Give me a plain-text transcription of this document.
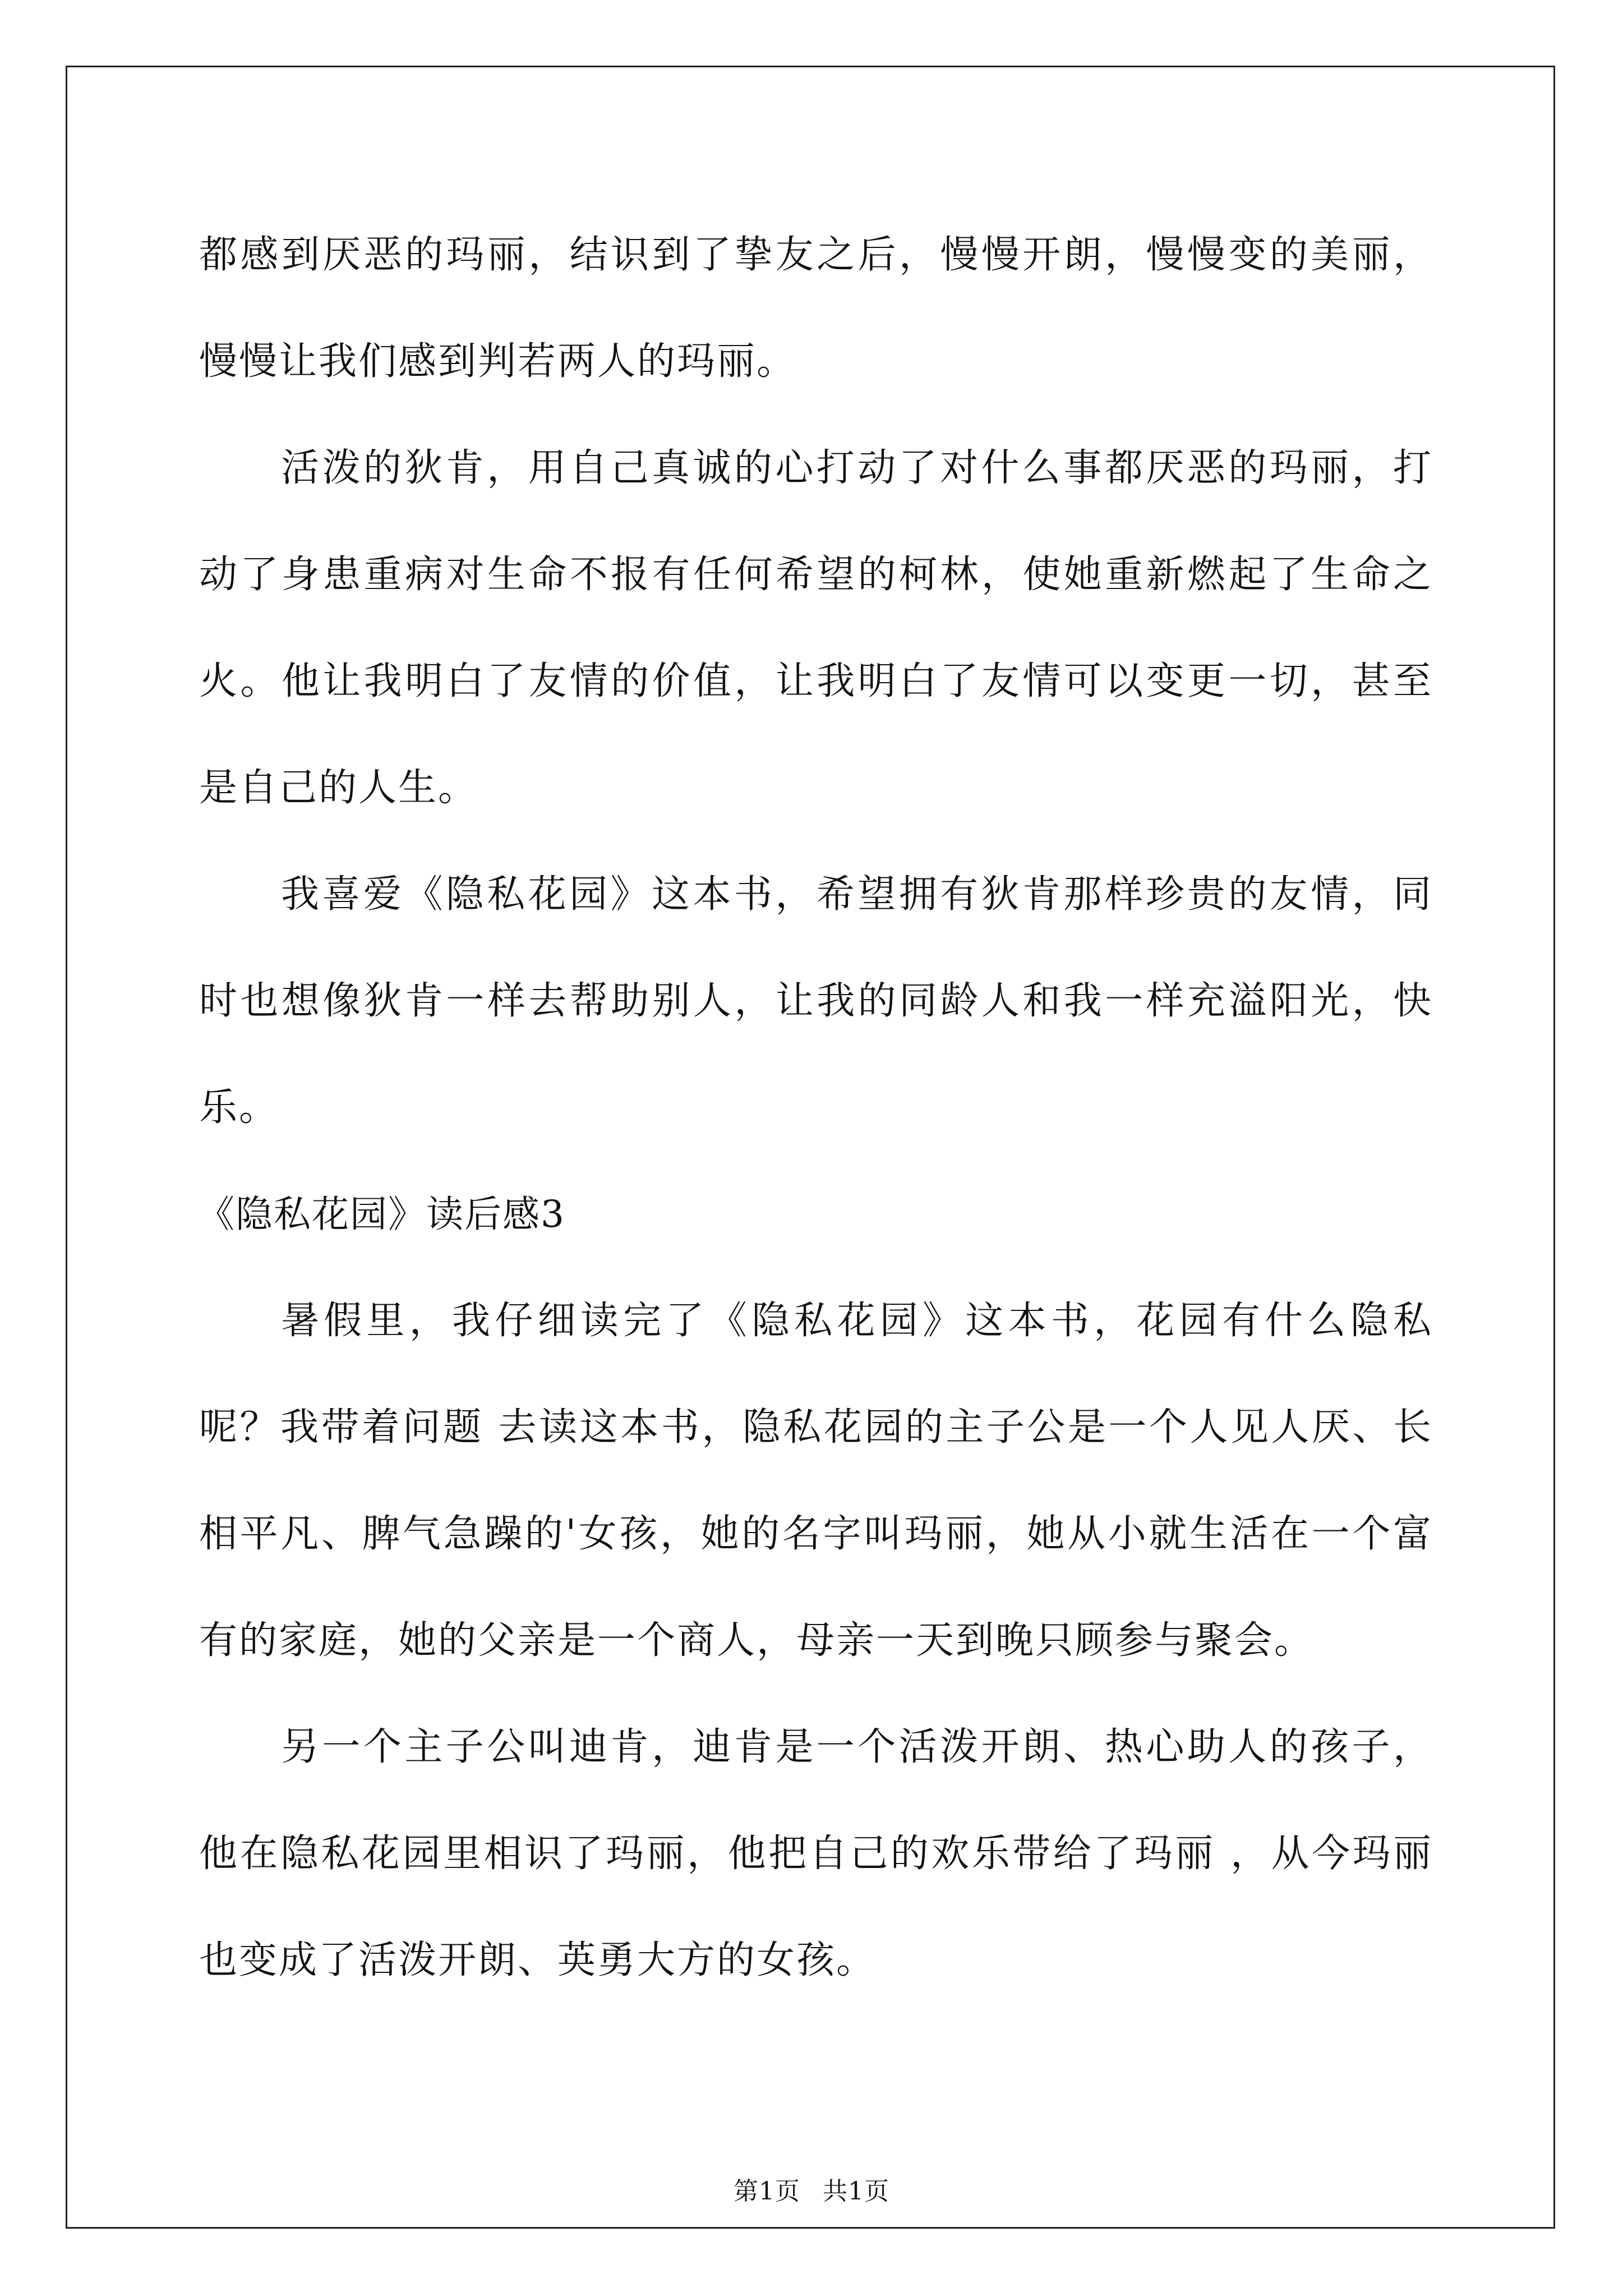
都感到厌恶的玛丽，结识到了挚友之后，慢慢开朗，慢慢变的美丽，慢慢让我们感到判若两人的玛丽。

活泼的狄肯，用自己真诚的心打动了对什么事都厌恶的玛丽，打动了身患重病对生命不报有任何希望的柯林，使她重新燃起了生命之火。他让我明白了友情的价值，让我明白了友情可以变更一切，甚至是自己的人生。

我喜爱《隐私花园》这本书，希望拥有狄肯那样珍贵的友情，同时也想像狄肯一样去帮助别人，让我的同龄人和我一样充溢阳光，快乐。

《隐私花园》读后感3

暑假里，我仔细读完了《隐私花园》这本书，花园有什么隐私呢？我带着问题 去读这本书，隐私花园的主子公是一个人见人厌、长相平凡、脾气急躁的'女孩，她的名字叫玛丽，她从小就生活在一个富有的家庭，她的父亲是一个商人，母亲一天到晚只顾参与聚会。

另一个主子公叫迪肯，迪肯是一个活泼开朗、热心助人的孩子，他在隐私花园里相识了玛丽，他把自己的欢乐带给了玛丽 ，从今玛丽也变成了活泼开朗、英勇大方的女孩。

第1页 共1页
